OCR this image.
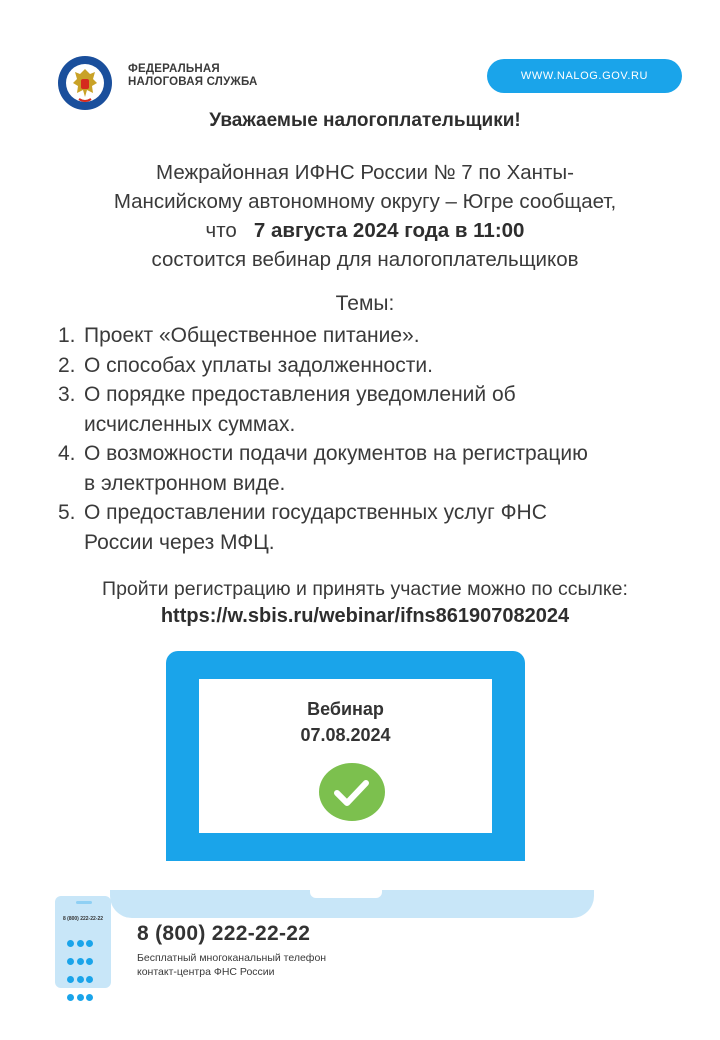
ФЕДЕРАЛЬНАЯ
НАЛОГОВАЯ СЛУЖБА	WWW.NALOG.GOV.RU
Уважаемые налогоплательщики!
Межрайонная ИФНС России № 7 по Ханты-
Мансийскому автономному округу – Югре сообщает,
что 7 августа 2024 года в 11:00
состоится вебинар для налогоплательщиков
Темы:
1. Проект «Общественное питание».
2. О способах уплаты задолженности.
3. О порядке предоставления уведомлений об
исчисленных суммах.
4. О возможности подачи документов на регистрацию
в электронном виде.
5. О предоставлении государственных услуг ФНС
России через МФЦ.
Пройти регистрацию и принять участие можно по ссылке:
https://w.sbis.ru/webinar/ifns861907082024
Вебинар
07.08.2024
8 (800) 222-22-22
8 (800) 222-22-22
Бесплатный многоканальный телефон
контакт-центра ФНС России
